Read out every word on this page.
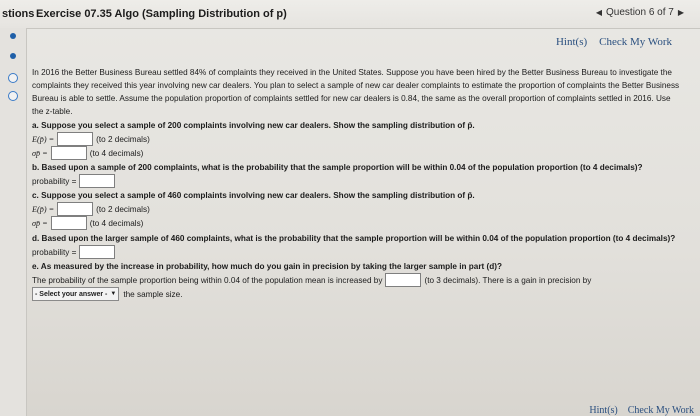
stions Exercise 07.35 Algo (Sampling Distribution of p)	◀ Question 6 of 7 ▶
Hint(s) Check My Work

In 2016 the Better Business Bureau settled 84% of complaints they received in the United States. Suppose you have been hired by the Better Business Bureau to investigate the complaints they received this year involving new car dealers. You plan to select a sample of new car dealer complaints to estimate the proportion of complaints the Better Business Bureau is able to settle. Assume the population proportion of complaints settled for new car dealers is 0.84, the same as the overall proportion of complaints settled in 2016. Use the z-table.

a. Suppose you select a sample of 200 complaints involving new car dealers. Show the sampling distribution of p̄.
E(p̄) =	(to 2 decimals)
σp̄ =	(to 4 decimals)
b. Based upon a sample of 200 complaints, what is the probability that the sample proportion will be within 0.04 of the population proportion (to 4 decimals)?
probability =
c. Suppose you select a sample of 460 complaints involving new car dealers. Show the sampling distribution of p̄.
E(p̄) =	(to 2 decimals)
σp̄ =	(to 4 decimals)

d. Based upon the larger sample of 460 complaints, what is the probability that the sample proportion will be within 0.04 of the population proportion (to 4 decimals)?

probability =
e. As measured by the increase in probability, how much do you gain in precision by taking the larger sample in part (d)?
The probability of the sample proportion being within 0.04 of the population mean is increased by	(to 3 decimals). There is a gain in precision by
- Select your answer - ▼ the sample size.
Hint(s) Check My Work
